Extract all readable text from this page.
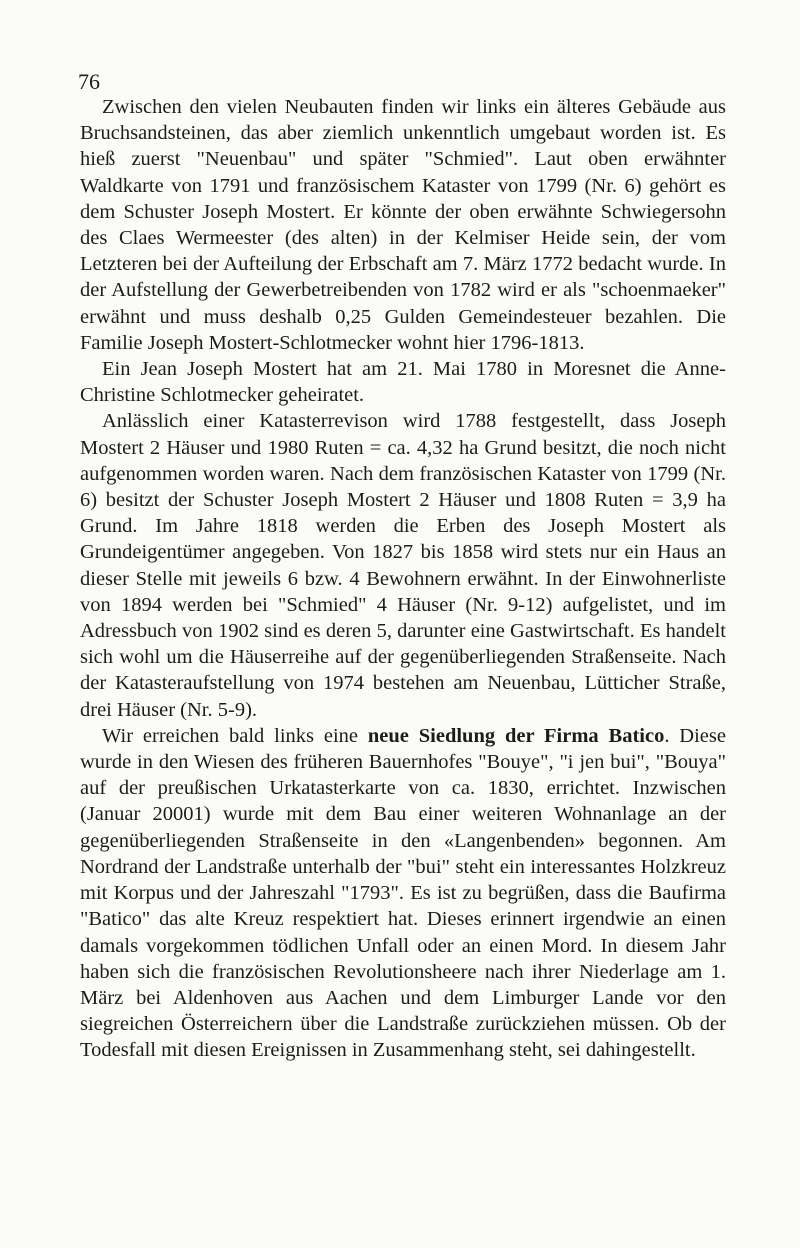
76

Zwischen den vielen Neubauten finden wir links ein älteres Gebäude aus Bruchsandsteinen, das aber ziemlich unkenntlich umgebaut worden ist. Es hieß zuerst "Neuenbau" und später "Schmied". Laut oben erwähnter Waldkarte von 1791 und französischem Kataster von 1799 (Nr. 6) gehört es dem Schuster Joseph Mostert. Er könnte der oben erwähnte Schwiegersohn des Claes Wermeester (des alten) in der Kelmiser Heide sein, der vom Letzteren bei der Aufteilung der Erbschaft am 7. März 1772 bedacht wurde. In der Aufstellung der Gewerbetreibenden von 1782 wird er als "schoenmaeker" erwähnt und muss deshalb 0,25 Gulden Gemeindesteuer bezahlen. Die Familie Joseph Mostert-Schlotmecker wohnt hier 1796-1813.

Ein Jean Joseph Mostert hat am 21. Mai 1780 in Moresnet die Anne-Christine Schlotmecker geheiratet.

Anlässlich einer Katasterrevison wird 1788 festgestellt, dass Joseph Mostert 2 Häuser und 1980 Ruten = ca. 4,32 ha Grund besitzt, die noch nicht aufgenommen worden waren. Nach dem französischen Kataster von 1799 (Nr. 6) besitzt der Schuster Joseph Mostert 2 Häuser und 1808 Ruten = 3,9 ha Grund. Im Jahre 1818 werden die Erben des Joseph Mostert als Grundeigentümer angegeben. Von 1827 bis 1858 wird stets nur ein Haus an dieser Stelle mit jeweils 6 bzw. 4 Bewohnern erwähnt. In der Einwohnerliste von 1894 werden bei "Schmied" 4 Häuser (Nr. 9-12) aufgelistet, und im Adressbuch von 1902 sind es deren 5, darunter eine Gastwirtschaft. Es handelt sich wohl um die Häuserreihe auf der gegenüberliegenden Straßenseite. Nach der Katasteraufstellung von 1974 bestehen am Neuenbau, Lütticher Straße, drei Häuser (Nr. 5-9).

Wir erreichen bald links eine neue Siedlung der Firma Batico. Diese wurde in den Wiesen des früheren Bauernhofes "Bouye", "i jen bui", "Bouya" auf der preußischen Urkatasterkarte von ca. 1830, errichtet. Inzwischen (Januar 20001) wurde mit dem Bau einer weiteren Wohnanlage an der gegenüberliegenden Straßenseite in den «Langenbenden» begonnen. Am Nordrand der Landstraße unterhalb der "bui" steht ein interessantes Holzkreuz mit Korpus und der Jahreszahl "1793". Es ist zu begrüßen, dass die Baufirma "Batico" das alte Kreuz respektiert hat. Dieses erinnert irgendwie an einen damals vorgekommen tödlichen Unfall oder an einen Mord. In diesem Jahr haben sich die französischen Revolutionsheere nach ihrer Niederlage am 1. März bei Aldenhoven aus Aachen und dem Limburger Lande vor den siegreichen Österreichern über die Landstraße zurückziehen müssen. Ob der Todesfall mit diesen Ereignissen in Zusammenhang steht, sei dahingestellt.
